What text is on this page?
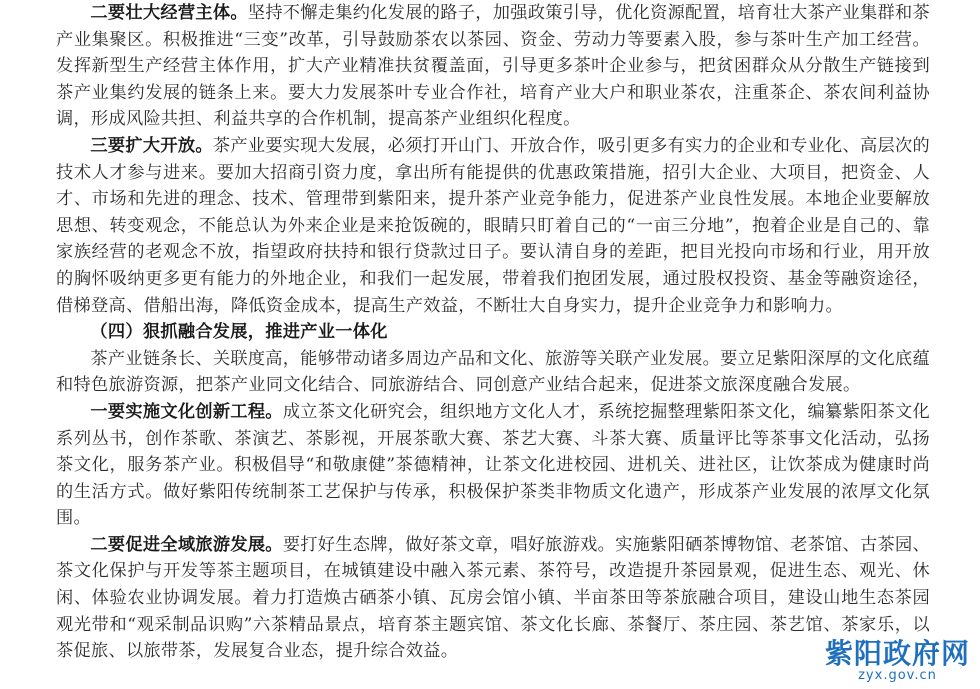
二要壮大经营主体。坚持不懈走集约化发展的路子，加强政策引导，优化资源配置，培育壮大茶产业集群和茶产业集聚区。积极推进“三变”改革，引导鼓励茶农以茶园、资金、劳动力等要素入股，参与茶叶生产加工经营。发挥新型生产经营主体作用，扩大产业精准扶贫覆盖面，引导更多茶叶企业参与，把贫困群众从分散生产链接到茶产业集约发展的链条上来。要大力发展茶叶专业合作社，培育产业大户和职业茶农，注重茶企、茶农间利益协调，形成风险共担、利益共享的合作机制，提高茶产业组织化程度。

三要扩大开放。茶产业要实现大发展，必须打开山门、开放合作，吸引更多有实力的企业和专业化、高层次的技术人才参与进来。要加大招商引资力度，拿出所有能提供的优惠政策措施，招引大企业、大项目，把资金、人才、市场和先进的理念、技术、管理带到紫阳来，提升茶产业竞争能力，促进茶产业良性发展。本地企业要解放思想、转变观念，不能总认为外来企业是来抢饭碗的，眼睛只盯着自己的“一亩三分地”，抱着企业是自己的、靠家族经营的老观念不放，指望政府扶持和银行贷款过日子。要认清自身的差距，把目光投向市场和行业，用开放的胸怀吸纳更多更有能力的外地企业，和我们一起发展，带着我们抱团发展，通过股权投资、基金等融资途径，借梯登高、借船出海，降低资金成本，提高生产效益，不断壮大自身实力，提升企业竞争力和影响力。

（四）狠抓融合发展，推进产业一体化

茶产业链条长、关联度高，能够带动诸多周边产品和文化、旅游等关联产业发展。要立足紫阳深厚的文化底蕴和特色旅游资源，把茶产业同文化结合、同旅游结合、同创意产业结合起来，促进茶文旅深度融合发展。

一要实施文化创新工程。成立茶文化研究会，组织地方文化人才，系统挖掘整理紫阳茶文化，编纂紫阳茶文化系列丛书，创作茶歌、茶演艺、茶影视，开展茶歌大赛、茶艺大赛、斗茶大赛、质量评比等茶事文化活动，弘扬茶文化，服务茶产业。积极倡导“和敬康健”茶德精神，让茶文化进校园、进机关、进社区，让饮茶成为健康时尚的生活方式。做好紫阳传统制茶工艺保护与传承，积极保护茶类非物质文化遗产，形成茶产业发展的浓厚文化氛围。

二要促进全域旅游发展。要打好生态牌，做好茶文章，唱好旅游戏。实施紫阳硒茶博物馆、老茶馆、古茶园、茶文化保护与开发等茶主题项目，在城镇建设中融入茶元素、茶符号，改造提升茶园景观，促进生态、观光、休闲、体验农业协调发展。着力打造焕古硒茶小镇、瓦房会馆小镇、半亩茶田等茶旅融合项目，建设山地生态茶园观光带和“观采制品识购”六茶精品景点，培育茶主题宾馆、茶文化长廊、茶餐厅、茶庄园、茶艺馆、茶家乐，以茶促旅、以旅带茶，发展复合业态，提升综合效益。	紫阳政府网
zyx.gov.cn
